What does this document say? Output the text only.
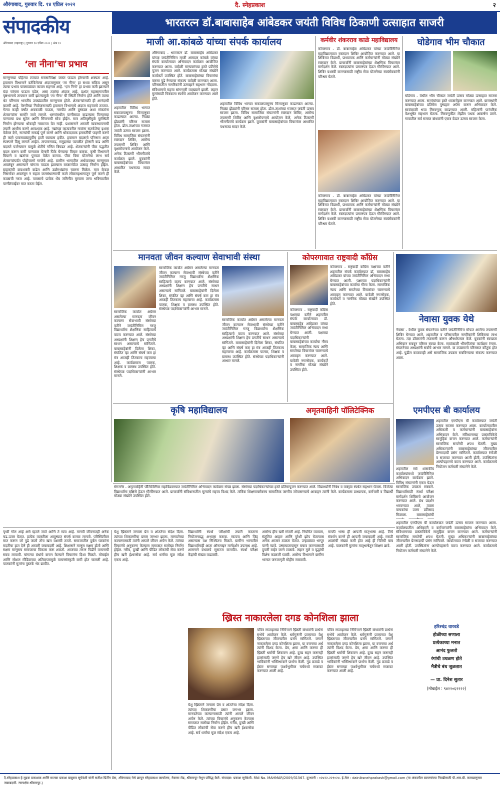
औरंगाबाद, गुरुवार दि. १४ एप्रिल २०२२	दै. स्नेहप्रकाश	२
संपादकीय
औरंगाबाद (महाराष्ट्र) | गुरुवार १४ एप्रिल २०२२ | अंक १२
भारतरत्न डॉ.बाबासाहेब आंबेडकर जयंती विविध ठिकाणी उत्साहात साजरी
‘ला नीना’चा प्रभाव
मान्सूनच्या पहिल्या टप्प्यात सरासरीपेक्षा जास्त पाऊस होण्याची शक्यता आहे. हवामान विभागाने वर्तविलेल्या अंदाजानुसार ‘ला नीना’ हा सध्या सक्रिय असून त्याचा प्रभाव पावसाळ्यात कायम राहणार आहे. ‘एल निनो’ हा प्रभाव कमी झाल्याने यंदा चांगला पाऊस पडेल, असा तज्ञांचा अंदाज आहे. प्रशांत महासागरातील पृष्ठभागाचे तापमान कमी झाल्यामुळे ‘ला नीना’ ची स्थिती निर्माण होते आणि त्याचा थेट परिणाम भारतीय उपखंडातील मान्सूनवर होतो. शेतकऱ्यांसाठी ही आनंदाची बातमी आहे. पेरणीच्या नियोजनासाठी हवामान विभागाचे अंदाज महत्त्वाचे ठरतात. गेल्या काही वर्षांत अवकाळी पाऊस, गारपीट आणि दुष्काळ अशा संकटांना शेतकऱ्यांना सामोरे जावे लागले. धरणांमधील पाणीसाठा वाढल्यास पिण्याच्या पाण्याचा प्रश्न सुटेल आणि सिंचनाची सोय होईल. मात्र अतिवृष्टीमुळे पूरस्थिती निर्माण होण्याचा धोकाही नाकारता येत नाही. प्रशासनाने आपत्ती व्यवस्थापनाची तयारी आधीच करणे आवश्यक आहे. नद्यांच्या काठावरील गावांना सतर्कतेचा इशारा वेळेवर देणे, नाल्यांची सफाई पूर्ण करणे आणि धोकादायक इमारतींची पाहणी करणे ही कामे पावसाळ्यापूर्वीच हाती घ्यायला हवीत. हवामान बदलाचे परिणाम आता स्पष्टपणे दिसू लागले आहेत. तापमानवाढ, समुद्राच्या पातळीत होणारी वाढ आणि बदलते पर्जन्यमान यामुळे शेतीचे गणित बिघडत आहे. शेतकऱ्यांनी पीक पद्धतीत बदल करून कमी पाण्यावर येणारी पिके घेण्याचा विचार करावा. कृषी विभागाने बियाणे व खतांचा पुरवठा वेळेत करावा. पीक विमा योजनेचा लाभ सर्व शेतकऱ्यांपर्यंत पोहोचवणे गरजेचे आहे. ग्रामीण भागातील अर्थव्यवस्था मान्सूनवर अवलंबून असल्याने चांगला पाऊस झाल्यास बाजारपेठेत उत्साह निर्माण होईल. ग्राहकांची क्रयशक्ती वाढेल आणि उद्योगधंद्यांना चालना मिळेल. मात्र केवळ निसर्गावर अवलंबून न राहता जलसंधारणाची कामे लोकसहभागातून पूर्ण करणे ही काळाची गरज आहे. पावसाचे प्रत्येक थेंब जमिनीत मुरवला तरच भविष्यातील पाणीटंचाईवर मात करता येईल.
माजी आ.कांबळे यांच्या संपर्क कार्यालय
औरंगाबाद - भारतरत्न डॉ. बाबासाहेब आंबेडकर यांच्या जयंतीनिमित्त माजी आमदार कांबळे यांच्या संपर्क कार्यालयात अभिवादन कार्यक्रम आयोजित करण्यात आला. यावेळी मान्यवरांच्या हस्ते प्रतिमेचे पूजन करण्यात आले. कार्यक्रमास मोठ्या संख्येने कार्यकर्ते उपस्थित होते. बाबासाहेबांच्या विचारांचा वारसा पुढे नेण्याचा संकल्प यावेळी करण्यात आला. परिसरातील नागरिकांनी उत्साहाने सहभाग नोंदवला. संविधानाचे महत्त्व सांगणारी व्याख्याने झाली. लहान मुलांसाठी चित्रकला स्पर्धेचे आयोजन करण्यात आले होते.
शहरातील विविध भागात सकाळपासूनच मिरवणुका काढण्यात आल्या. निळ्या झेंड्यांनी परिसर सजला होता. ढोल-ताशांच्या गजरात जयंती उत्सव साजरा झाला. विविध सामाजिक संघटनांनी रक्तदान शिबिर, आरोग्य तपासणी शिबिर आणि वृक्षारोपणाचे आयोजन केले. अनेक ठिकाणी भीमगीतांचे कार्यक्रम झाले. युवकांनी बाबासाहेबांच्या विचारांवर आधारित पथनाट्य सादर केले.
शहरातील विविध भागात सकाळपासूनच मिरवणुका काढण्यात आल्या. निळ्या झेंड्यांनी परिसर सजला होता. ढोल-ताशांच्या गजरात जयंती उत्सव साजरा झाला. विविध सामाजिक संघटनांनी रक्तदान शिबिर, आरोग्य तपासणी शिबिर आणि वृक्षारोपणाचे आयोजन केले. अनेक ठिकाणी भीमगीतांचे कार्यक्रम झाले. युवकांनी बाबासाहेबांच्या विचारांवर आधारित पथनाट्य सादर केले.
कर्मवीर शंकरराव काळे महाविद्यालय
कोपरगाव - डॉ. बाबासाहेब आंबेडकर यांच्या जयंतीनिमित्त महाविद्यालयात रक्तदान शिबिर आयोजित करण्यात आले. या शिबिरात विद्यार्थी, प्राध्यापक आणि कर्मचाऱ्यांनी मोठ्या संख्येने रक्तदान केले. प्राचार्यांनी बाबासाहेबांच्या शैक्षणिक विचारांवर मार्गदर्शन केले. रक्तदात्यांना प्रमाणपत्र देऊन गौरविण्यात आले. शिबिर यशस्वी करण्यासाठी राष्ट्रीय सेवा योजनेच्या स्वयंसेवकांनी परिश्रम घेतले.
कोपरगाव - डॉ. बाबासाहेब आंबेडकर यांच्या जयंतीनिमित्त महाविद्यालयात रक्तदान शिबिर आयोजित करण्यात आले. या शिबिरात विद्यार्थी, प्राध्यापक आणि कर्मचाऱ्यांनी मोठ्या संख्येने रक्तदान केले. प्राचार्यांनी बाबासाहेबांच्या शैक्षणिक विचारांवर मार्गदर्शन केले. रक्तदात्यांना प्रमाणपत्र देऊन गौरविण्यात आले. शिबिर यशस्वी करण्यासाठी राष्ट्रीय सेवा योजनेच्या स्वयंसेवकांनी परिश्रम घेतले.
घोडेगाव भीम चौकात
घोडेगाव - येथील भीम चौकात जयंती उत्सव मोठ्या उत्साहात साजरा करण्यात आला. सरपंचांच्या हस्ते ध्वजारोहण करण्यात आले. ग्रामस्थांनी बाबासाहेबांच्या प्रतिमेस पुष्पहार अर्पण करून अभिवादन केले. सायंकाळी भव्य मिरवणूक काढण्यात आली. महिलांनी पारंपरिक वेशभूषेत सहभाग घेतला. मिरवणुकीत लेझीम पथक आकर्षण ठरले. गावातील सर्व समाज बांधवांनी एकत्र येऊन उत्सव साजरा केला.
मानवता जीवन कल्याण सेवाभावी संस्था
सामाजिक कार्यात अग्रेसर असलेल्या मानवता जीवन कल्याण सेवाभावी संस्थेच्या वतीने जयंतीनिमित्त गरजू विद्यार्थ्यांना शैक्षणिक साहित्याचे वाटप करण्यात आले. संस्थेच्या अध्यक्षांनी शिक्षण हेच प्रगतीचे साधन असल्याचे सांगितले. बाबासाहेबांनी दिलेला शिका, संघटित व्हा आणि संघर्ष करा हा मंत्र आजही तितकाच महत्त्वाचा आहे. कार्यक्रमास पालक, शिक्षक व ग्रामस्थ उपस्थित होते. संस्थेच्या पदाधिकाऱ्यांनी आभार मानले.
सामाजिक कार्यात अग्रेसर असलेल्या मानवता जीवन कल्याण सेवाभावी संस्थेच्या वतीने जयंतीनिमित्त गरजू विद्यार्थ्यांना शैक्षणिक साहित्याचे वाटप करण्यात आले. संस्थेच्या अध्यक्षांनी शिक्षण हेच प्रगतीचे साधन असल्याचे सांगितले. बाबासाहेबांनी दिलेला शिका, संघटित व्हा आणि संघर्ष करा हा मंत्र आजही तितकाच महत्त्वाचा आहे. कार्यक्रमास पालक, शिक्षक व ग्रामस्थ उपस्थित होते. संस्थेच्या पदाधिकाऱ्यांनी आभार मानले.
सामाजिक कार्यात अग्रेसर असलेल्या मानवता जीवन कल्याण सेवाभावी संस्थेच्या वतीने जयंतीनिमित्त गरजू विद्यार्थ्यांना शैक्षणिक साहित्याचे वाटप करण्यात आले. संस्थेच्या अध्यक्षांनी शिक्षण हेच प्रगतीचे साधन असल्याचे सांगितले. बाबासाहेबांनी दिलेला शिका, संघटित व्हा आणि संघर्ष करा हा मंत्र आजही तितकाच महत्त्वाचा आहे. कार्यक्रमास पालक, शिक्षक व ग्रामस्थ उपस्थित होते. संस्थेच्या पदाधिकाऱ्यांनी आभार मानले.
कोपरगावात राष्ट्रवादी काँग्रेस
कोपरगाव - राष्ट्रवादी काँग्रेस पक्षाच्या वतीने शहरातील संपर्क कार्यालयात डॉ. बाबासाहेब आंबेडकर यांच्या जयंतीनिमित्त अभिवादन सभा घेण्यात आली. पक्षाच्या पदाधिकाऱ्यांनी बाबासाहेबांच्या कार्याचा गौरव केला. सामाजिक न्याय आणि समतेच्या विचारांवर चालण्याचे आवाहन करण्यात आले. यावेळी नगरसेवक, कार्यकर्ते व नागरिक मोठ्या संख्येने उपस्थित होते.
कोपरगाव - राष्ट्रवादी काँग्रेस पक्षाच्या वतीने शहरातील संपर्क कार्यालयात डॉ. बाबासाहेब आंबेडकर यांच्या जयंतीनिमित्त अभिवादन सभा घेण्यात आली. पक्षाच्या पदाधिकाऱ्यांनी बाबासाहेबांच्या कार्याचा गौरव केला. सामाजिक न्याय आणि समतेच्या विचारांवर चालण्याचे आवाहन करण्यात आले. यावेळी नगरसेवक, कार्यकर्ते व नागरिक मोठ्या संख्येने उपस्थित होते.
नेवासा युवक येथे
नेवासा - येथील युवक संघटनेच्या वतीने जयंतीनिमित्त मोफत आरोग्य तपासणी शिबिर घेण्यात आले. शहरातील व परिसरातील नागरिकांनी शिबिराचा लाभ घेतला. तज्ञ डॉक्टरांनी तपासणी करून औषधोपचार केले. युवकांनी स्वच्छता अभियान राबवून परिसर स्वच्छ केला. सायंकाळी भीमगीतांचा कार्यक्रम रंगला. संघटनेच्या अध्यक्षांनी सर्वांचे आभार मानले. या उपक्रमाचे परिसरात कौतुक होत आहे. पुढील काळातही असे सामाजिक उपक्रम राबविण्याचा संकल्प करण्यात आला.
कृषि महाविद्यालय	अमृतवाहिनी पॉलिटेक्निक	एमपीएस बी कार्यालय
शहरातील एमपीएस बी कार्यालयात जयंती उत्सव साजरा करण्यात आला. कार्यालयातील अधिकारी व कर्मचाऱ्यांनी बाबासाहेबांना अभिवादन केले. संविधानाच्या प्रास्ताविकेचे सामूहिक वाचन करण्यात आले. कर्मचाऱ्यांनी सामाजिक समतेची शपथ घेतली. मुख्य अधिकाऱ्यांनी बाबासाहेबांच्या जीवनातील प्रेरणादायी प्रसंग सांगितले. कार्यालयात रंगोळी व सजावट करण्यात आली होती. उपस्थितांना अल्पोपहाराचे वाटप करण्यात आले. कार्यक्रमाचे नियोजन कर्मचारी संघटनेने केले.
शहरातील सर्व शासकीय कार्यालयांमध्ये जयंतीनिमित्त अभिवादन कार्यक्रम झाले. विविध संघटनांनी एकत्र येऊन सामाजिक उपक्रम राबवले. विद्यार्थ्यांसाठी स्पर्धा परीक्षा मार्गदर्शन शिबिराचे आयोजन करण्यात आले. ग्रंथ प्रदर्शन भरवण्यात आले, त्याला वाचकांचा उत्तम प्रतिसाद मिळाला. बाबासाहेबांची
शहरातील एमपीएस बी कार्यालयात जयंती उत्सव साजरा करण्यात आला. कार्यालयातील अधिकारी व कर्मचाऱ्यांनी बाबासाहेबांना अभिवादन केले. संविधानाच्या प्रास्ताविकेचे सामूहिक वाचन करण्यात आले. कर्मचाऱ्यांनी सामाजिक समतेची शपथ घेतली. मुख्य अधिकाऱ्यांनी बाबासाहेबांच्या जीवनातील प्रेरणादायी प्रसंग सांगितले. कार्यालयात रंगोळी व सजावट करण्यात आली होती. उपस्थितांना अल्पोपहाराचे वाटप करण्यात आले. कार्यक्रमाचे नियोजन कर्मचारी संघटनेने केले.
संगमनेर - अमृतवाहिनी पॉलिटेक्निक महाविद्यालयात जयंतीनिमित्त अभिवादन कार्यक्रम संपन्न झाला. संस्थेच्या पदाधिकाऱ्यांच्या हस्ते प्रतिमापूजन करण्यात आले. विद्यार्थ्यांनी निबंध व वक्तृत्व स्पर्धेत सहभाग घेतला. विजेत्या विद्यार्थ्यांना बक्षिसे देऊन गौरविण्यात आले. प्राचार्यांनी संविधानातील मूल्यांचे महत्त्व विशद केले. तांत्रिक शिक्षणाबरोबरच सामाजिक जाणीव जोपासण्याचे आवाहन त्यांनी केले. कार्यक्रमास प्राध्यापक, कर्मचारी व विद्यार्थी मोठ्या संख्येने उपस्थित होते.
पृथ्वी गोल आहे असे म्हटले जाते आणि ते सत्य आहे. मानवी जीवनातही अनेक चढ-उतार येतात. प्रत्येक व्यक्तीला आयुष्यात संघर्ष करावा लागतो. परिस्थितीवर मात करून जो पुढे जातो तोच खरा यशस्वी ठरतो. समाजातील दुर्बल घटकांना मदतीचा हात देणे ही आपली जबाबदारी आहे. शिक्षणाने माणूस सक्षम होतो आणि सक्षम माणूसच समाजाचा विकास करू शकतो. आजच्या तरुण पिढीने वाचनाची सवय लावावी. चांगल्या ग्रंथांचे वाचन केल्याने विचारांना दिशा मिळते. मोबाईल आणि सोशल मीडियाच्या अतिवापरामुळे वाचनसंस्कृती कमी होत चालली आहे. पालकांनी मुलांना पुस्तके भेट द्यावीत.
येशू ख्रिस्ताने जगाला प्रेम व शांततेचा संदेश दिला. त्यांच्या शिकवणीचा प्रसार जगभर झाला. मानवतेच्या कल्याणासाठी त्यांनी आपले जीवन अर्पण केले. त्यांच्या विचारांचे अनुकरण केल्यास समाजात सलोखा निर्माण होईल. गरीब, दुःखी आणि पीडित लोकांची सेवा करणे हीच खरी ईश्वरसेवा आहे. सर्व धर्मांचा मूळ संदेश एकच आहे.
विद्यार्थ्यांनी स्पर्धा परीक्षांची तयारी करताना नियोजनबद्ध अभ्यास करावा. सातत्य आणि जिद्द असल्यास यश निश्चितच मिळते. ग्रामीण भागातील विद्यार्थ्यांनाही आता ऑनलाइन मार्गदर्शन उपलब्ध आहे. शासनाने ग्रंथालये सुसज्ज करावीत. स्पर्धा परीक्षा केंद्रांची संख्या वाढवावी.
आरोग्य हीच खरी संपत्ती आहे. नियमित व्यायाम, संतुलित आहार आणि पुरेशी झोप घेतल्यास अनेक आजार टाळता येतात. उन्हाळ्यात भरपूर पाणी प्यावे. उष्माघातापासून बचाव करण्यासाठी दुपारी बाहेर जाणे टाळावे. लहान मुले व वृद्धांची विशेष काळजी घ्यावी. आरोग्य विभागाने ग्रामीण भागात जनजागृती मोहीम राबवावी.
मराठी भाषा ही आपली मातृभाषा आहे. तिचे संवर्धन करणे ही आपली जबाबदारी आहे. मराठी शाळांची संख्या कमी होत आहे ही चिंतेची बाब आहे. पालकांनी मुलांना मातृभाषेतून शिक्षण द्यावे.
ख्रिस्त नाकारलेला दगड कोनशिला झाला
पवित्र सप्ताहाच्या निमित्ताने ख्रिस्ती बांधवांनी प्रार्थना सभेचे आयोजन केले. धर्मगुरूंनी प्रवचनात येशू ख्रिस्ताच्या जीवनातील प्रसंग सांगितले. जगाने नाकारलेला दगड कोनशिला झाला, या वचनाचा अर्थ त्यांनी विशद केला. प्रेम, क्षमा आणि करुणा ही ख्रिस्ती धर्माची शिकवण आहे. दुःख सहन करूनही इतरांसाठी जगणे हेच खरे जीवन आहे. उपस्थित भाविकांनी भक्तिभावाने प्रार्थना केली. गुड फ्रायडे व ईस्टर सणाच्या पार्श्वभूमीवर चर्चमध्ये सजावट करण्यात आली आहे.
पवित्र सप्ताहाच्या निमित्ताने ख्रिस्ती बांधवांनी प्रार्थना सभेचे आयोजन केले. धर्मगुरूंनी प्रवचनात येशू ख्रिस्ताच्या जीवनातील प्रसंग सांगितले. जगाने नाकारलेला दगड कोनशिला झाला, या वचनाचा अर्थ त्यांनी विशद केला. प्रेम, क्षमा आणि करुणा ही ख्रिस्ती धर्माची शिकवण आहे. दुःख सहन करूनही इतरांसाठी जगणे हेच खरे जीवन आहे. उपस्थित भाविकांनी भक्तिभावाने प्रार्थना केली. गुड फ्रायडे व ईस्टर सणाच्या पार्श्वभूमीवर चर्चमध्ये सजावट करण्यात आली आहे.
येशू ख्रिस्ताने जगाला प्रेम व शांततेचा संदेश दिला. त्यांच्या शिकवणीचा प्रसार जगभर झाला. मानवतेच्या कल्याणासाठी त्यांनी आपले जीवन अर्पण केले. त्यांच्या विचारांचे अनुकरण केल्यास समाजात सलोखा निर्माण होईल. गरीब, दुःखी आणि पीडित लोकांची सेवा करणे हीच खरी ईश्वरसेवा आहे. सर्व धर्मांचा मूळ संदेश एकच आहे.
हरिश्चंद्र धारवडे
होळीच्या सणाला
प्रत्येकाच्या मनात
आनंद फुलतो
रंगांची उधळण होते
मैत्रीचे बंध जुळतात
— प्रा. दिनेश सुतार
(मोबाईल : ९४२२०६२२२२)
दै.स्नेहप्रकाश हे मुद्रक प्रकाशक आणि मालक प्रकाश बाबुराव सूर्यवंशी यांनी सतीश प्रिंटींग प्रेस, औरंगाबाद येथे छापून स्नेहप्रकाश कार्यालय, नेवासा रोड, श्रीरामपूर येथून प्रसिद्ध केले. संपादक: प्रकाश सूर्यवंशी. RNI No. MAHMAR/2009/31567. दूरध्वनी : ०२४२२-२२१०२४. ई-मेल : dainiksnehprakash@gmail.com (या अंकातील बातम्यांच्या निवडीसाठी पी.आर.बी. कायद्यानुसार जबाबदारी. न्यायक्षेत्र श्रीरामपूर.)
